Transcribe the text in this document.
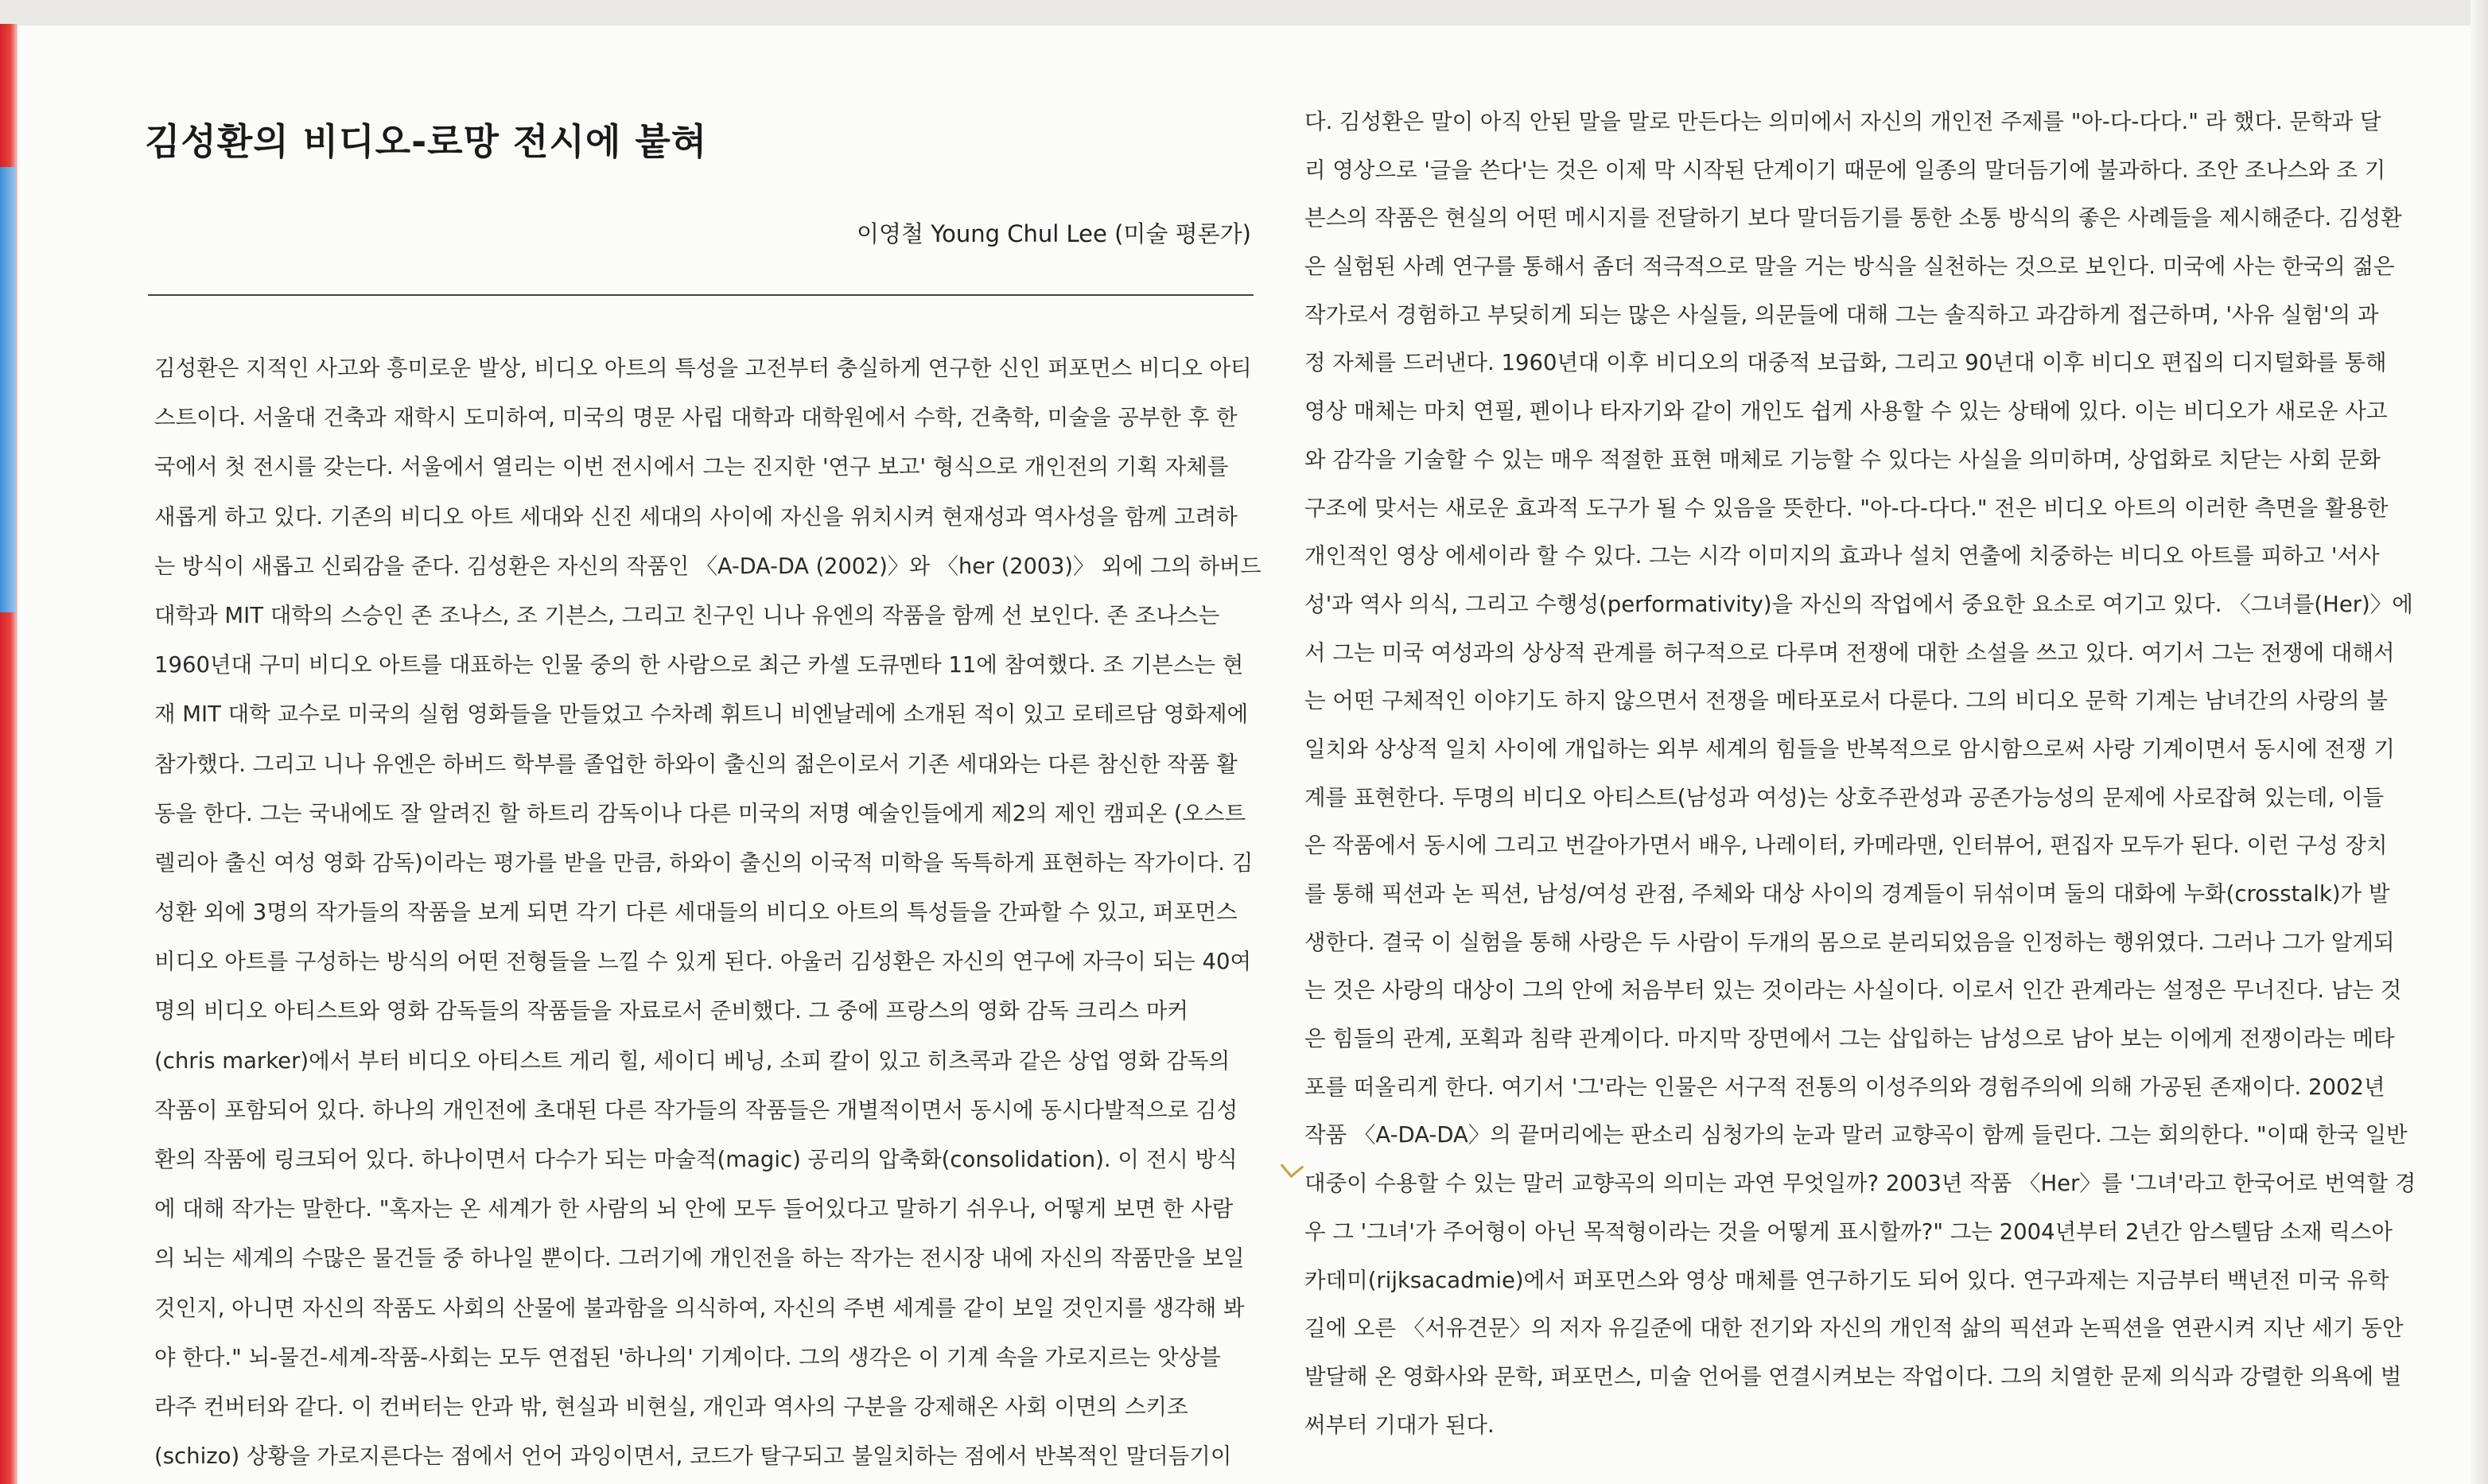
김성환의 비디오-로망 전시에 붙혀

이영철 Young Chul Lee (미술 평론가)

김성환은 지적인 사고와 흥미로운 발상, 비디오 아트의 특성을 고전부터 충실하게 연구한 신인 퍼포먼스 비디오 아티
스트이다. 서울대 건축과 재학시 도미하여, 미국의 명문 사립 대학과 대학원에서 수학, 건축학, 미술을 공부한 후 한
국에서 첫 전시를 갖는다. 서울에서 열리는 이번 전시에서 그는 진지한 '연구 보고' 형식으로 개인전의 기획 자체를
새롭게 하고 있다. 기존의 비디오 아트 세대와 신진 세대의 사이에 자신을 위치시켜 현재성과 역사성을 함께 고려하
는 방식이 새롭고 신뢰감을 준다. 김성환은 자신의 작품인 〈A-DA-DA (2002)〉와 〈her (2003)〉 외에 그의 하버드
대학과 MIT 대학의 스승인 존 조나스, 조 기븐스, 그리고 친구인 니나 유엔의 작품을 함께 선 보인다. 존 조나스는
1960년대 구미 비디오 아트를 대표하는 인물 중의 한 사람으로 최근 카셀 도큐멘타 11에 참여했다. 조 기븐스는 현
재 MIT 대학 교수로 미국의 실험 영화들을 만들었고 수차례 휘트니 비엔날레에 소개된 적이 있고 로테르담 영화제에
참가했다. 그리고 니나 유엔은 하버드 학부를 졸업한 하와이 출신의 젊은이로서 기존 세대와는 다른 참신한 작품 활
동을 한다. 그는 국내에도 잘 알려진 할 하트리 감독이나 다른 미국의 저명 예술인들에게 제2의 제인 캠피온 (오스트
렐리아 출신 여성 영화 감독)이라는 평가를 받을 만큼, 하와이 출신의 이국적 미학을 독특하게 표현하는 작가이다. 김
성환 외에 3명의 작가들의 작품을 보게 되면 각기 다른 세대들의 비디오 아트의 특성들을 간파할 수 있고, 퍼포먼스
비디오 아트를 구성하는 방식의 어떤 전형들을 느낄 수 있게 된다. 아울러 김성환은 자신의 연구에 자극이 되는 40여
명의 비디오 아티스트와 영화 감독들의 작품들을 자료로서 준비했다. 그 중에 프랑스의 영화 감독 크리스 마커
(chris marker)에서 부터 비디오 아티스트 게리 힐, 세이디 베닝, 소피 칼이 있고 히츠콕과 같은 상업 영화 감독의
작품이 포함되어 있다. 하나의 개인전에 초대된 다른 작가들의 작품들은 개별적이면서 동시에 동시다발적으로 김성
환의 작품에 링크되어 있다. 하나이면서 다수가 되는 마술적(magic) 공리의 압축화(consolidation). 이 전시 방식
에 대해 작가는 말한다. "혹자는 온 세계가 한 사람의 뇌 안에 모두 들어있다고 말하기 쉬우나, 어떻게 보면 한 사람
의 뇌는 세계의 수많은 물건들 중 하나일 뿐이다. 그러기에 개인전을 하는 작가는 전시장 내에 자신의 작품만을 보일
것인지, 아니면 자신의 작품도 사회의 산물에 불과함을 의식하여, 자신의 주변 세계를 같이 보일 것인지를 생각해 봐
야 한다." 뇌-물건-세계-작품-사회는 모두 연접된 '하나의' 기계이다. 그의 생각은 이 기계 속을 가로지르는 앗상블
라주 컨버터와 같다. 이 컨버터는 안과 밖, 현실과 비현실, 개인과 역사의 구분을 강제해온 사회 이면의 스키조
(schizo) 상황을 가로지른다는 점에서 언어 과잉이면서, 코드가 탈구되고 불일치하는 점에서 반복적인 말더듬기이
다. 김성환은 말이 아직 안된 말을 말로 만든다는 의미에서 자신의 개인전 주제를 "아-다-다다." 라 했다. 문학과 달
리 영상으로 '글을 쓴다'는 것은 이제 막 시작된 단계이기 때문에 일종의 말더듬기에 불과하다. 조안 조나스와 조 기
븐스의 작품은 현실의 어떤 메시지를 전달하기 보다 말더듬기를 통한 소통 방식의 좋은 사례들을 제시해준다. 김성환
은 실험된 사례 연구를 통해서 좀더 적극적으로 말을 거는 방식을 실천하는 것으로 보인다. 미국에 사는 한국의 젊은
작가로서 경험하고 부딪히게 되는 많은 사실들, 의문들에 대해 그는 솔직하고 과감하게 접근하며, '사유 실험'의 과
정 자체를 드러낸다. 1960년대 이후 비디오의 대중적 보급화, 그리고 90년대 이후 비디오 편집의 디지털화를 통해
영상 매체는 마치 연필, 펜이나 타자기와 같이 개인도 쉽게 사용할 수 있는 상태에 있다. 이는 비디오가 새로운 사고
와 감각을 기술할 수 있는 매우 적절한 표현 매체로 기능할 수 있다는 사실을 의미하며, 상업화로 치닫는 사회 문화
구조에 맞서는 새로운 효과적 도구가 될 수 있음을 뜻한다. "아-다-다다." 전은 비디오 아트의 이러한 측면을 활용한
개인적인 영상 에세이라 할 수 있다. 그는 시각 이미지의 효과나 설치 연출에 치중하는 비디오 아트를 피하고 '서사
성'과 역사 의식, 그리고 수행성(performativity)을 자신의 작업에서 중요한 요소로 여기고 있다. 〈그녀를(Her)〉에
서 그는 미국 여성과의 상상적 관계를 허구적으로 다루며 전쟁에 대한 소설을 쓰고 있다. 여기서 그는 전쟁에 대해서
는 어떤 구체적인 이야기도 하지 않으면서 전쟁을 메타포로서 다룬다. 그의 비디오 문학 기계는 남녀간의 사랑의 불
일치와 상상적 일치 사이에 개입하는 외부 세계의 힘들을 반복적으로 암시함으로써 사랑 기계이면서 동시에 전쟁 기
계를 표현한다. 두명의 비디오 아티스트(남성과 여성)는 상호주관성과 공존가능성의 문제에 사로잡혀 있는데, 이들
은 작품에서 동시에 그리고 번갈아가면서 배우, 나레이터, 카메라맨, 인터뷰어, 편집자 모두가 된다. 이런 구성 장치
를 통해 픽션과 논 픽션, 남성/여성 관점, 주체와 대상 사이의 경계들이 뒤섞이며 둘의 대화에 누화(crosstalk)가 발
생한다. 결국 이 실험을 통해 사랑은 두 사람이 두개의 몸으로 분리되었음을 인정하는 행위였다. 그러나 그가 알게되
는 것은 사랑의 대상이 그의 안에 처음부터 있는 것이라는 사실이다. 이로서 인간 관계라는 설정은 무너진다. 남는 것
은 힘들의 관계, 포획과 침략 관계이다. 마지막 장면에서 그는 삽입하는 남성으로 남아 보는 이에게 전쟁이라는 메타
포를 떠올리게 한다. 여기서 '그'라는 인물은 서구적 전통의 이성주의와 경험주의에 의해 가공된 존재이다. 2002년
작품 〈A-DA-DA〉의 끝머리에는 판소리 심청가의 눈과 말러 교향곡이 함께 들린다. 그는 회의한다. "이때 한국 일반
대중이 수용할 수 있는 말러 교향곡의 의미는 과연 무엇일까? 2003년 작품 〈Her〉를 '그녀'라고 한국어로 번역할 경
우 그 '그녀'가 주어형이 아닌 목적형이라는 것을 어떻게 표시할까?" 그는 2004년부터 2년간 암스텔담 소재 릭스아
카데미(rijksacadmie)에서 퍼포먼스와 영상 매체를 연구하기도 되어 있다. 연구과제는 지금부터 백년전 미국 유학
길에 오른 〈서유견문〉의 저자 유길준에 대한 전기와 자신의 개인적 삶의 픽션과 논픽션을 연관시켜 지난 세기 동안
발달해 온 영화사와 문학, 퍼포먼스, 미술 언어를 연결시켜보는 작업이다. 그의 치열한 문제 의식과 강렬한 의욕에 벌
써부터 기대가 된다.
